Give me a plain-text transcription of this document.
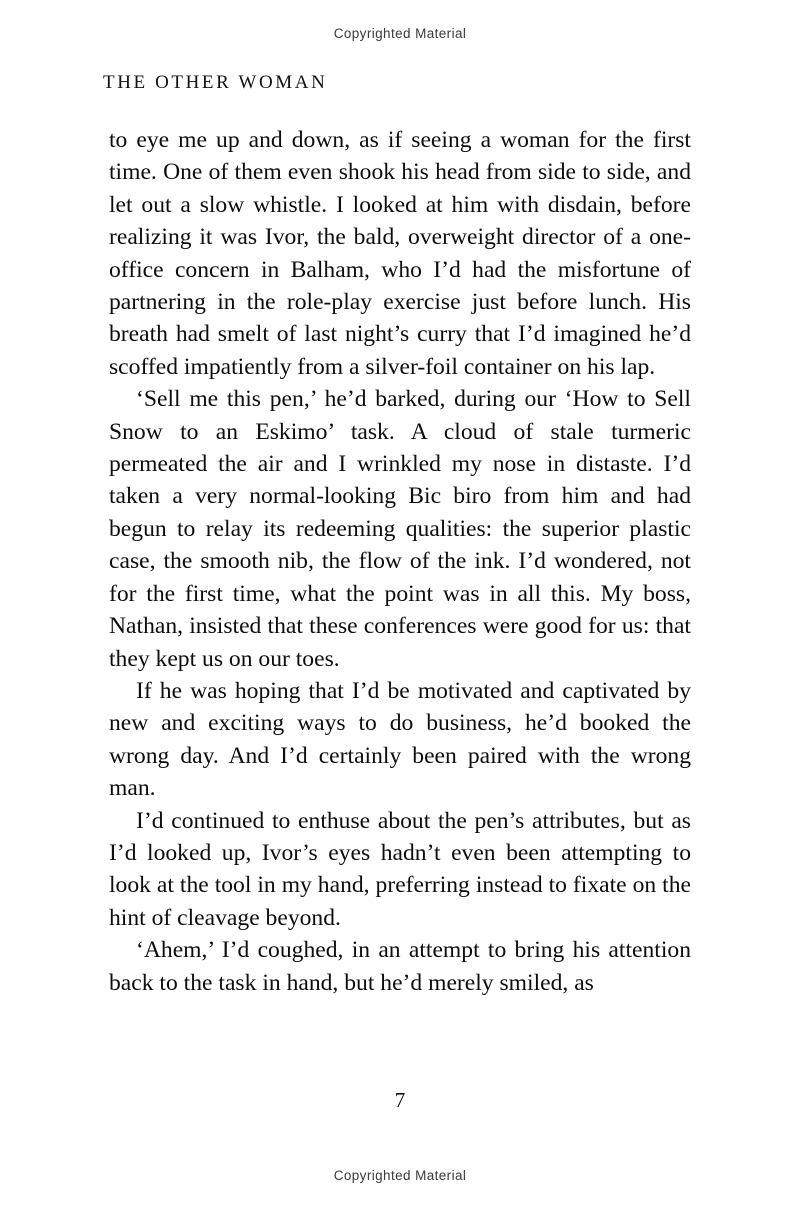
Copyrighted Material
THE OTHER WOMAN

to eye me up and down, as if seeing a woman for the first time. One of them even shook his head from side to side, and let out a slow whistle. I looked at him with disdain, before realizing it was Ivor, the bald, overweight director of a one-office concern in Balham, who I’d had the misfortune of partnering in the role-play exercise just before lunch. His breath had smelt of last night’s curry that I’d imagined he’d scoffed impatiently from a silver-foil container on his lap.

‘Sell me this pen,’ he’d barked, during our ‘How to Sell Snow to an Eskimo’ task. A cloud of stale turmeric permeated the air and I wrinkled my nose in distaste. I’d taken a very normal-looking Bic biro from him and had begun to relay its redeeming qualities: the superior plastic case, the smooth nib, the flow of the ink. I’d wondered, not for the first time, what the point was in all this. My boss, Nathan, insisted that these conferences were good for us: that they kept us on our toes.

If he was hoping that I’d be motivated and captivated by new and exciting ways to do business, he’d booked the wrong day. And I’d certainly been paired with the wrong man.

I’d continued to enthuse about the pen’s attributes, but as I’d looked up, Ivor’s eyes hadn’t even been attempting to look at the tool in my hand, preferring instead to fixate on the hint of cleavage beyond.

‘Ahem,’ I’d coughed, in an attempt to bring his attention back to the task in hand, but he’d merely smiled, as

7
Copyrighted Material
